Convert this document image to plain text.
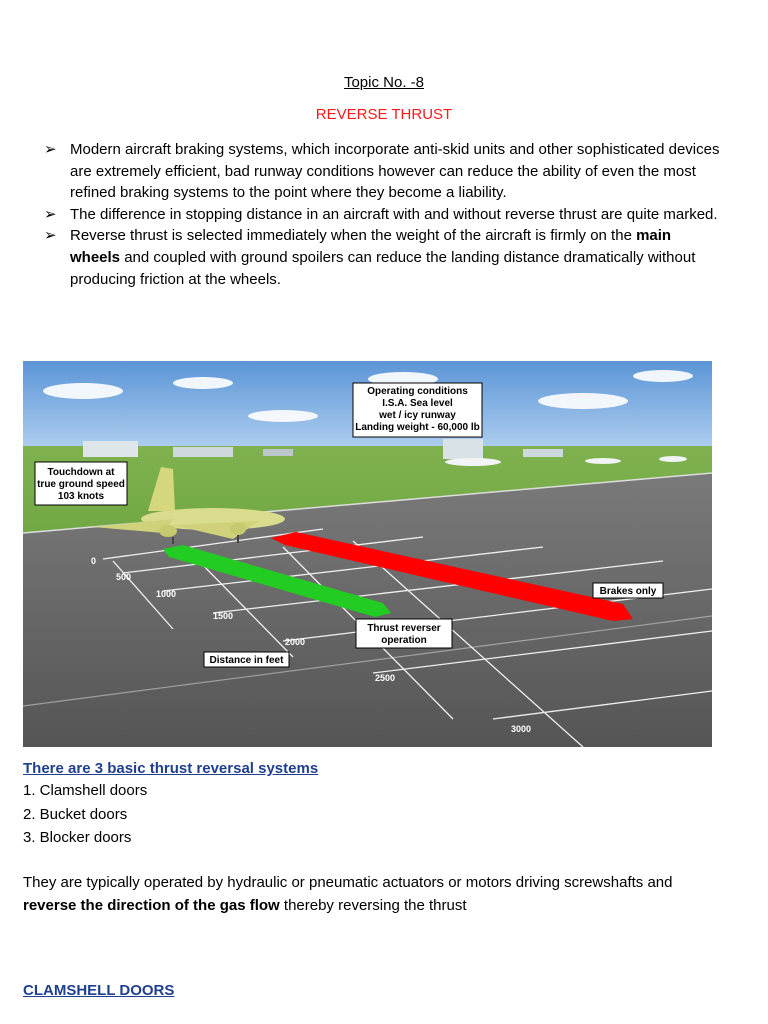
Topic No. -8
REVERSE THRUST
➢ Modern aircraft braking systems, which incorporate anti-skid units and other sophisticated devices are extremely efficient, bad runway conditions however can reduce the ability of even the most refined braking systems to the point where they become a liability.
➢ The difference in stopping distance in an aircraft with and without reverse thrust are quite marked.
➢ Reverse thrust is selected immediately when the weight of the aircraft is firmly on the main wheels and coupled with ground spoilers can reduce the landing distance dramatically without producing friction at the wheels.
Operating conditions
I.S.A. Sea level
wet / icy runway
Landing weight - 60,000 lb
Touchdown at
true ground speed
103 knots
Brakes only
Thrust reverser
operation
Distance in feet
0
500
1000
1500
2000
2500
3000
There are 3 basic thrust reversal systems
1. Clamshell doors
2. Bucket doors
3. Blocker doors
They are typically operated by hydraulic or pneumatic actuators or motors driving screwshafts and reverse the direction of the gas flow thereby reversing the thrust
CLAMSHELL DOORS
